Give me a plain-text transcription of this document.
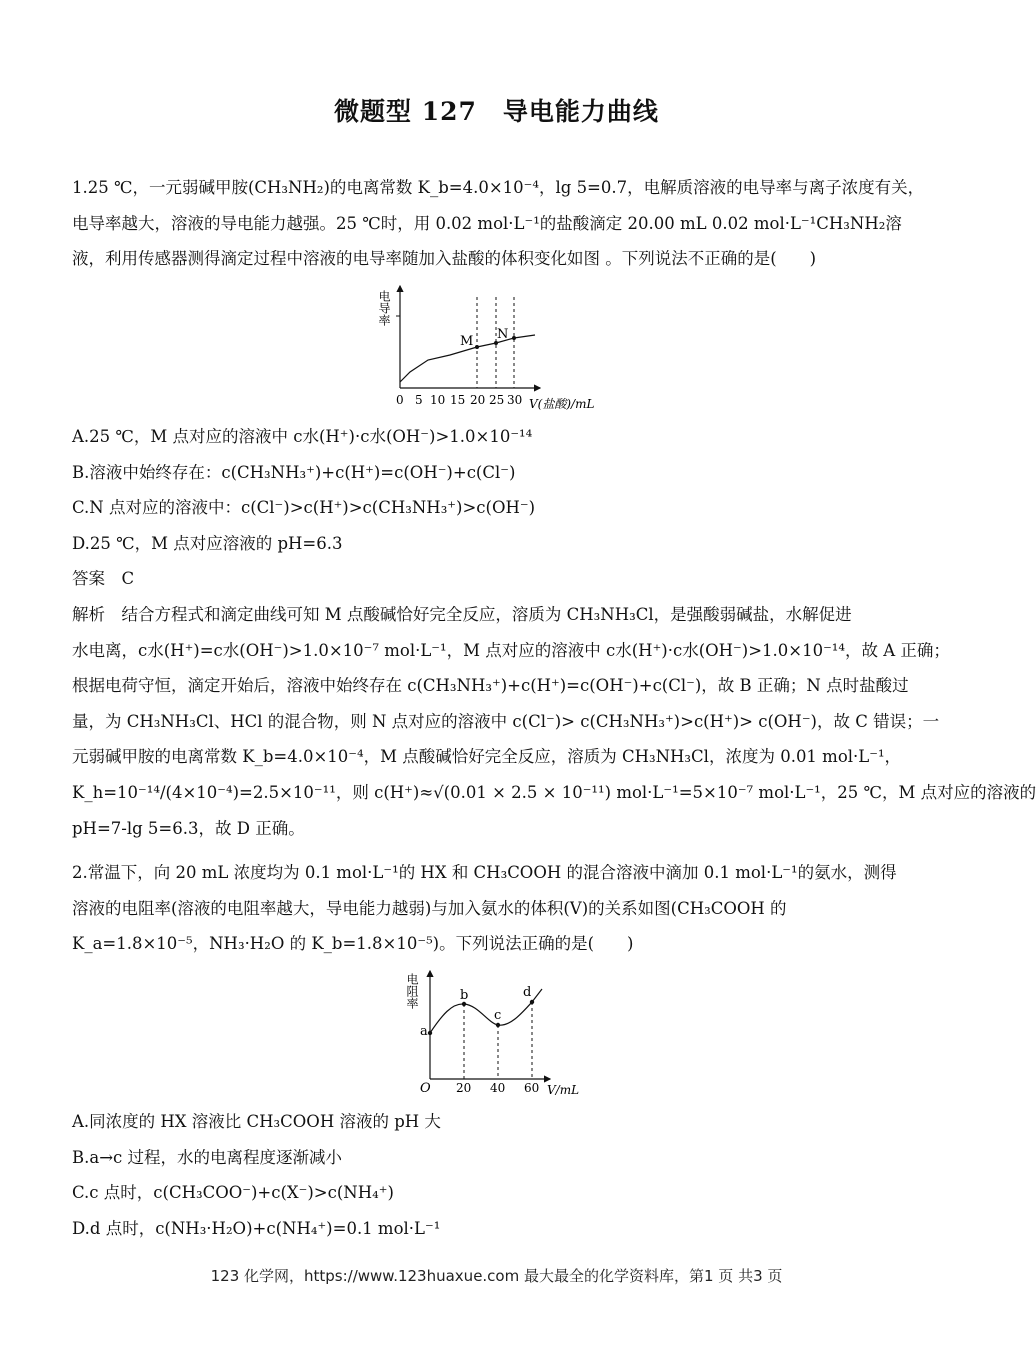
微题型 127　导电能力曲线

1.25 ℃，一元弱碱甲胺(CH₃NH₂)的电离常数 K_b=4.0×10⁻⁴，lg 5=0.7，电解质溶液的电导率与离子浓度有关，

电导率越大，溶液的导电能力越强。25 ℃时，用 0.02 mol·L⁻¹的盐酸滴定 20.00 mL 0.02 mol·L⁻¹CH₃NH₂溶

液，利用传感器测得滴定过程中溶液的电导率随加入盐酸的体积变化如图 。下列说法不正确的是(　　)

电导率
M N
0 5 10 15 20 25 30 V(盐酸)/mL

A.25 ℃，M 点对应的溶液中 c水(H⁺)·c水(OH⁻)>1.0×10⁻¹⁴

B.溶液中始终存在：c(CH₃NH₃⁺)+c(H⁺)=c(OH⁻)+c(Cl⁻)

C.N 点对应的溶液中：c(Cl⁻)>c(H⁺)>c(CH₃NH₃⁺)>c(OH⁻)

D.25 ℃，M 点对应溶液的 pH=6.3

答案　C

解析　结合方程式和滴定曲线可知 M 点酸碱恰好完全反应，溶质为 CH₃NH₃Cl，是强酸弱碱盐，水解促进

水电离，c水(H⁺)=c水(OH⁻)>1.0×10⁻⁷ mol·L⁻¹，M 点对应的溶液中 c水(H⁺)·c水(OH⁻)>1.0×10⁻¹⁴，故 A 正确；

根据电荷守恒，滴定开始后，溶液中始终存在 c(CH₃NH₃⁺)+c(H⁺)=c(OH⁻)+c(Cl⁻)，故 B 正确；N 点时盐酸过

量，为 CH₃NH₃Cl、HCl 的混合物，则 N 点对应的溶液中 c(Cl⁻)> c(CH₃NH₃⁺)>c(H⁺)> c(OH⁻)，故 C 错误；一

元弱碱甲胺的电离常数 K_b=4.0×10⁻⁴，M 点酸碱恰好完全反应，溶质为 CH₃NH₃Cl，浓度为 0.01 mol·L⁻¹，

K_h=10⁻¹⁴/(4×10⁻⁴)=2.5×10⁻¹¹，则 c(H⁺)≈√(0.01 × 2.5 × 10⁻¹¹) mol·L⁻¹=5×10⁻⁷ mol·L⁻¹，25 ℃，M 点对应的溶液的

pH=7-lg 5=6.3，故 D 正确。

2.常温下，向 20 mL 浓度均为 0.1 mol·L⁻¹的 HX 和 CH₃COOH 的混合溶液中滴加 0.1 mol·L⁻¹的氨水，测得

溶液的电阻率(溶液的电阻率越大，导电能力越弱)与加入氨水的体积(V)的关系如图(CH₃COOH 的

K_a=1.8×10⁻⁵，NH₃·H₂O 的 K_b=1.8×10⁻⁵)。下列说法正确的是(　　)

电阻率
a
b
c
d
O 20 40 60 V/mL

A.同浓度的 HX 溶液比 CH₃COOH 溶液的 pH 大

B.a→c 过程，水的电离程度逐渐减小

C.c 点时，c(CH₃COO⁻)+c(X⁻)>c(NH₄⁺)

D.d 点时，c(NH₃·H₂O)+c(NH₄⁺)=0.1 mol·L⁻¹

123 化学网，https://www.123huaxue.com 最大最全的化学资料库，第1 页 共3 页
